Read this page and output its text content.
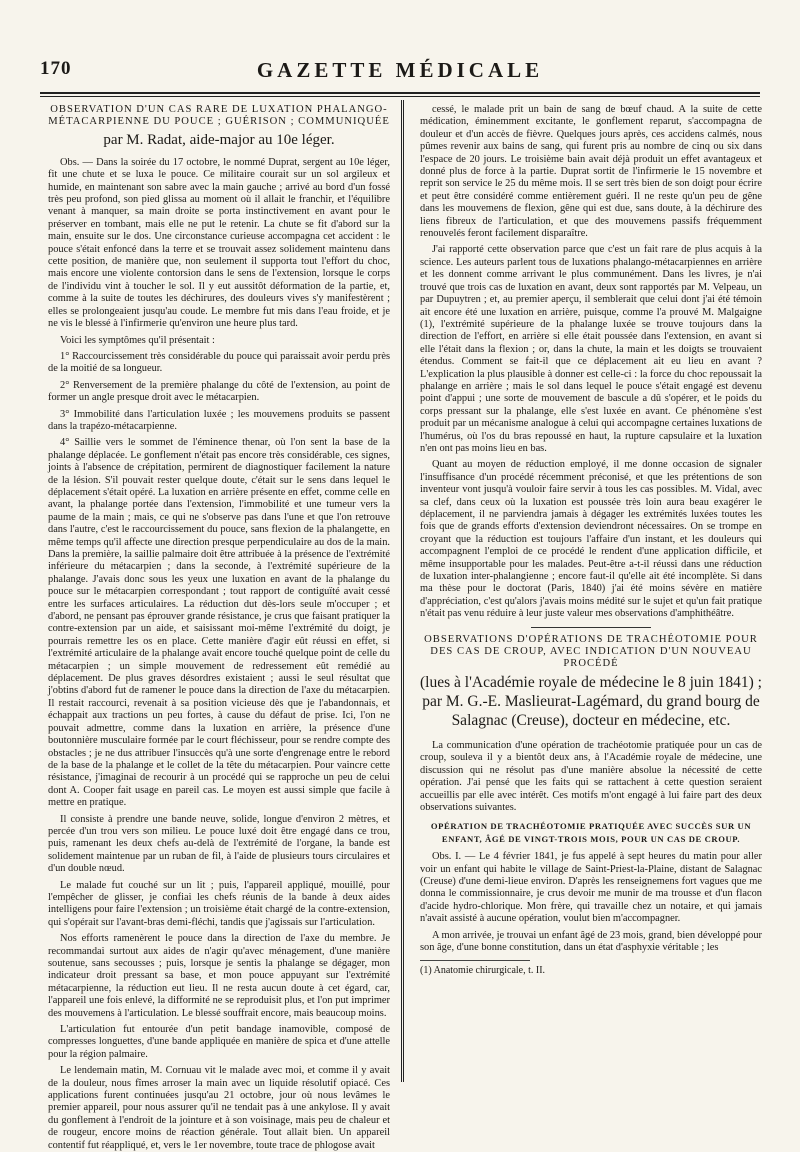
170	GAZETTE MÉDICALE

OBSERVATION D'UN CAS RARE DE LUXATION PHALANGO-MÉTACARPIENNE DU POUCE ; GUÉRISON ; COMMUNIQUÉE

par M. Radat, aide-major au 10e léger.

Obs. — Dans la soirée du 17 octobre, le nommé Duprat, sergent au 10e léger, fit une chute et se luxa le pouce. Ce militaire courait sur un sol argileux et humide, en maintenant son sabre avec la main gauche ; arrivé au bord d'un fossé très peu profond, son pied glissa au moment où il allait le franchir, et l'équilibre venant à manquer, sa main droite se porta instinctivement en avant pour le préserver en tombant, mais elle ne put le retenir. La chute se fit d'abord sur la main, ensuite sur le dos. Une circonstance curieuse accompagna cet accident : le pouce s'était enfoncé dans la terre et se trouvait assez solidement maintenu dans cette position, de manière que, non seulement il supporta tout l'effort du choc, mais encore une violente contorsion dans le sens de l'extension, lorsque le corps de l'individu vint à toucher le sol. Il y eut aussitôt déformation de la partie, et, comme à la suite de toutes les déchirures, des douleurs vives s'y manifestèrent ; elles se prolongeaient jusqu'au coude. Le membre fut mis dans l'eau froide, et je ne vis le blessé à l'infirmerie qu'environ une heure plus tard.

Voici les symptômes qu'il présentait :

1° Raccourcissement très considérable du pouce qui paraissait avoir perdu près de la moitié de sa longueur.

2° Renversement de la première phalange du côté de l'extension, au point de former un angle presque droit avec le métacarpien.

3° Immobilité dans l'articulation luxée ; les mouvemens produits se passent dans la trapézo-métacarpienne.

4° Saillie vers le sommet de l'éminence thenar, où l'on sent la base de la phalange déplacée. Le gonflement n'était pas encore très considérable, ces signes, joints à l'absence de crépitation, permirent de diagnostiquer facilement la nature de la lésion. S'il pouvait rester quelque doute, c'était sur le sens dans lequel le déplacement s'était opéré. La luxation en arrière présente en effet, comme celle en avant, la phalange portée dans l'extension, l'immobilité et une tumeur vers la paume de la main ; mais, ce qui ne s'observe pas dans l'une et que l'on retrouve dans l'autre, c'est le raccourcissement du pouce, sans flexion de la phalangette, en même temps qu'il affecte une direction presque perpendiculaire au dos de la main. Dans la première, la saillie palmaire doit être attribuée à la présence de l'extrémité inférieure du métacarpien ; dans la seconde, à l'extrémité supérieure de la phalange. J'avais donc sous les yeux une luxation en avant de la phalange du pouce sur le métacarpien correspondant ; tout rapport de contiguïté avait cessé entre les surfaces articulaires. La réduction dut dès-lors seule m'occuper ; et d'abord, ne pensant pas éprouver grande résistance, je crus que faisant pratiquer la contre-extension par un aide, et saisissant moi-même l'extrémité du doigt, je pourrais remettre les os en place. Cette manière d'agir eût réussi en effet, si l'extrémité articulaire de la phalange avait encore touché quelque point de celle du métacarpien ; un simple mouvement de redressement eût remédié au déplacement. De plus graves désordres existaient ; aussi le seul résultat que j'obtins d'abord fut de ramener le pouce dans la direction de l'axe du métacarpien. Il restait raccourci, revenait à sa position vicieuse dès que je l'abandonnais, et échappait aux tractions un peu fortes, à cause du défaut de prise. Ici, l'on ne pouvait admettre, comme dans la luxation en arrière, la présence d'une boutonnière musculaire formée par le court fléchisseur, pour se rendre compte des obstacles ; je ne dus attribuer l'insuccès qu'à une sorte d'engrenage entre le rebord de la base de la phalange et le collet de la tête du métacarpien. Pour vaincre cette résistance, j'imaginai de recourir à un procédé qui se rapproche un peu de celui dont A. Cooper fait usage en pareil cas. Le moyen est aussi simple que facile à mettre en pratique.

Il consiste à prendre une bande neuve, solide, longue d'environ 2 mètres, et percée d'un trou vers son milieu. Le pouce luxé doit être engagé dans ce trou, puis, ramenant les deux chefs au-delà de l'extrémité de l'organe, la bande est solidement maintenue par un ruban de fil, à l'aide de plusieurs tours circulaires et d'un double nœud.

Le malade fut couché sur un lit ; puis, l'appareil appliqué, mouillé, pour l'empêcher de glisser, je confiai les chefs réunis de la bande à deux aides intelligens pour faire l'extension ; un troisième était chargé de la contre-extension, qui s'opérait sur l'avant-bras demi-fléchi, tandis que j'agissais sur l'articulation.

Nos efforts ramenèrent le pouce dans la direction de l'axe du membre. Je recommandai surtout aux aides de n'agir qu'avec ménagement, d'une manière soutenue, sans secousses ; puis, lorsque je sentis la phalange se dégager, mon indicateur droit pressant sa base, et mon pouce appuyant sur l'extrémité métacarpienne, la réduction eut lieu. Il ne resta aucun doute à cet égard, car, l'appareil une fois enlevé, la difformité ne se reproduisit plus, et l'on put imprimer des mouvemens à l'articulation. Le blessé souffrait encore, mais beaucoup moins.

L'articulation fut entourée d'un petit bandage inamovible, composé de compresses longuettes, d'une bande appliquée en manière de spica et d'une attelle pour la région palmaire.

Le lendemain matin, M. Cornuau vit le malade avec moi, et comme il y avait de la douleur, nous fîmes arroser la main avec un liquide résolutif opiacé. Ces applications furent continuées jusqu'au 21 octobre, jour où nous levâmes le premier appareil, pour nous assurer qu'il ne tendait pas à une ankylose. Il y avait du gonflement à l'endroit de la jointure et à son voisinage, mais peu de chaleur et de rougeur, encore moins de réaction générale. Tout allait bien. Un appareil contentif fut réappliqué, et, vers le 1er novembre, toute trace de phlogose avait

cessé, le malade prit un bain de sang de bœuf chaud. A la suite de cette médication, éminemment excitante, le gonflement reparut, s'accompagna de douleur et d'un accès de fièvre. Quelques jours après, ces accidens calmés, nous pûmes revenir aux bains de sang, qui furent pris au nombre de cinq ou six dans l'espace de 20 jours. Le troisième bain avait déjà produit un effet avantageux et donné plus de force à la partie. Duprat sortit de l'infirmerie le 15 novembre et reprit son service le 25 du même mois. Il se sert très bien de son doigt pour écrire et peut être considéré comme entièrement guéri. Il ne reste qu'un peu de gêne dans les mouvemens de flexion, gêne qui est due, sans doute, à la déchirure des liens fibreux de l'articulation, et que des mouvemens passifs fréquemment renouvelés feront facilement disparaître.

J'ai rapporté cette observation parce que c'est un fait rare de plus acquis à la science. Les auteurs parlent tous de luxations phalango-métacarpiennes en arrière et les donnent comme arrivant le plus communément. Dans les livres, je n'ai trouvé que trois cas de luxation en avant, deux sont rapportés par M. Velpeau, un par Dupuytren ; et, au premier aperçu, il semblerait que celui dont j'ai été témoin ait encore été une luxation en arrière, puisque, comme l'a prouvé M. Malgaigne (1), l'extrémité supérieure de la phalange luxée se trouve toujours dans la direction de l'effort, en arrière si elle était poussée dans l'extension, en avant si elle l'était dans la flexion ; or, dans la chute, la main et les doigts se trouvaient étendus. Comment se fait-il que ce déplacement ait eu lieu en avant ? L'explication la plus plausible à donner est celle-ci : la force du choc repoussait la phalange en arrière ; mais le sol dans lequel le pouce s'était engagé est devenu point d'appui ; une sorte de mouvement de bascule a dû s'opérer, et le poids du corps pressant sur la phalange, elle s'est luxée en avant. Ce phénomène s'est produit par un mécanisme analogue à celui qui accompagne certaines luxations de l'humérus, où l'os du bras repoussé en haut, la rupture capsulaire et la luxation n'en ont pas moins lieu en bas.

Quant au moyen de réduction employé, il me donne occasion de signaler l'insuffisance d'un procédé récemment préconisé, et que les prétentions de son inventeur vont jusqu'à vouloir faire servir à tous les cas possibles. M. Vidal, avec sa clef, dans ceux où la luxation est poussée très loin aura beau exagérer le déplacement, il ne parviendra jamais à dégager les extrémités luxées toutes les fois que de grands efforts d'extension deviendront nécessaires. On se trompe en croyant que la réduction est toujours l'affaire d'un instant, et les douleurs qui accompagnent l'emploi de ce procédé le rendent d'une application difficile, et même insupportable pour les malades. Peut-être a-t-il réussi dans une réduction de luxation inter-phalangienne ; encore faut-il qu'elle ait été incomplète. Si dans ma thèse pour le doctorat (Paris, 1840) j'ai été moins sévère en matière d'appréciation, c'est qu'alors j'avais moins médité sur le sujet et qu'un fait pratique n'était pas venu réduire à leur juste valeur mes observations d'amphithéâtre.

OBSERVATIONS D'OPÉRATIONS DE TRACHÉOTOMIE POUR DES CAS DE CROUP, AVEC INDICATION D'UN NOUVEAU PROCÉDÉ

(lues à l'Académie royale de médecine le 8 juin 1841) ; par M. G.-E. Maslieurat-Lagémard, du grand bourg de Salagnac (Creuse), docteur en médecine, etc.

La communication d'une opération de trachéotomie pratiquée pour un cas de croup, souleva il y a bientôt deux ans, à l'Académie royale de médecine, une discussion qui ne résolut pas d'une manière absolue la nécessité de cette opération. J'ai pensé que les faits qui se rattachent à cette question seraient accueillis par elle avec intérêt. Ces motifs m'ont engagé à lui faire part des deux observations suivantes.

OPÉRATION DE TRACHÉOTOMIE PRATIQUÉE AVEC SUCCÈS SUR UN ENFANT, ÂGÉ DE VINGT-TROIS MOIS, POUR UN CAS DE CROUP.

Obs. I. — Le 4 février 1841, je fus appelé à sept heures du matin pour aller voir un enfant qui habite le village de Saint-Priest-la-Plaine, distant de Salagnac (Creuse) d'une demi-lieue environ. D'après les renseignemens fort vagues que me donna le commissionnaire, je crus devoir me munir de ma trousse et d'un flacon d'acide hydro-chlorique. Mon frère, qui travaille chez un notaire, et qui jamais n'avait assisté à aucune opération, voulut bien m'accompagner.

A mon arrivée, je trouvai un enfant âgé de 23 mois, grand, bien développé pour son âge, d'une bonne constitution, dans un état d'asphyxie véritable ; les

(1) Anatomie chirurgicale, t. II.
